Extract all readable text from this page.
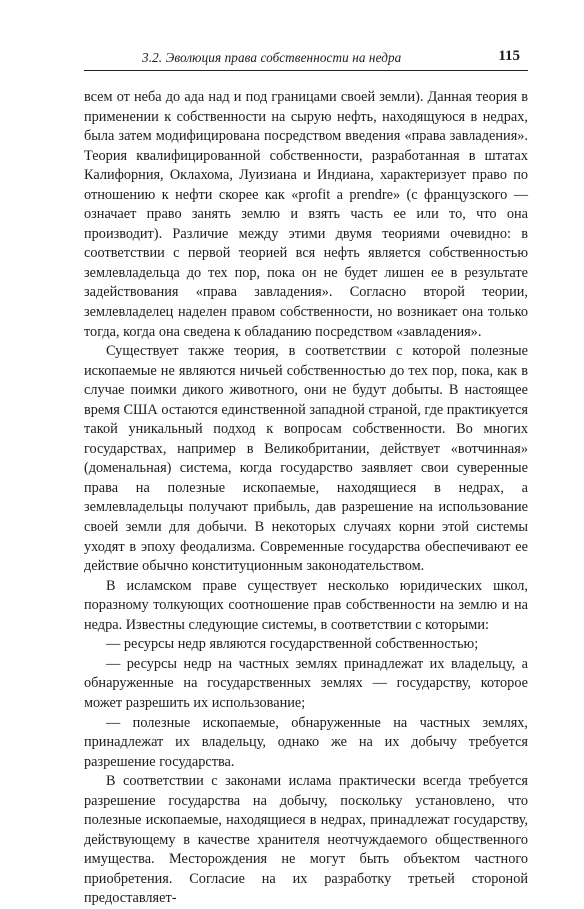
3.2. Эволюция права собственности на недра	115

всем от неба до ада над и под границами своей земли). Данная теория в применении к собственности на сырую нефть, находящуюся в недрах, была затем модифицирована посредством введения «права завладения». Теория квалифицированной собственности, разработанная в штатах Калифорния, Оклахома, Луизиана и Индиана, характеризует право по отношению к нефти скорее как «profit a prendre» (с французского — означает право занять землю и взять часть ее или то, что она производит). Различие между этими двумя теориями очевидно: в соответствии с первой теорией вся нефть является собственностью землевладельца до тех пор, пока он не будет лишен ее в результате задействования «права завладения». Согласно второй теории, землевладелец наделен правом собственности, но возникает она только тогда, когда она сведена к обладанию посредством «завладения».

Существует также теория, в соответствии с которой полезные ископаемые не являются ничьей собственностью до тех пор, пока, как в случае поимки дикого животного, они не будут добыты. В настоящее время США остаются единственной западной страной, где практикуется такой уникальный подход к вопросам собственности. Во многих государствах, например в Великобритании, действует «вотчинная» (доменальная) система, когда государство заявляет свои суверенные права на полезные ископаемые, находящиеся в недрах, а землевладельцы получают прибыль, дав разрешение на использование своей земли для добычи. В некоторых случаях корни этой системы уходят в эпоху феодализма. Современные государства обеспечивают ее действие обычно конституционным законодательством.

В исламском праве существует несколько юридических школ, поразному толкующих соотношение прав собственности на землю и на недра. Известны следующие системы, в соответствии с которыми:

— ресурсы недр являются государственной собственностью;

— ресурсы недр на частных землях принадлежат их владельцу, а обнаруженные на государственных землях — государству, которое может разрешить их использование;

— полезные ископаемые, обнаруженные на частных землях, принадлежат их владельцу, однако же на их добычу требуется разрешение государства.

В соответствии с законами ислама практически всегда требуется разрешение государства на добычу, поскольку установлено, что полезные ископаемые, находящиеся в недрах, принадлежат государству, действующему в качестве хранителя неотчуждаемого общественного имущества. Месторождения не могут быть объектом частного приобретения. Согласие на их разработку третьей стороной предоставляет-
